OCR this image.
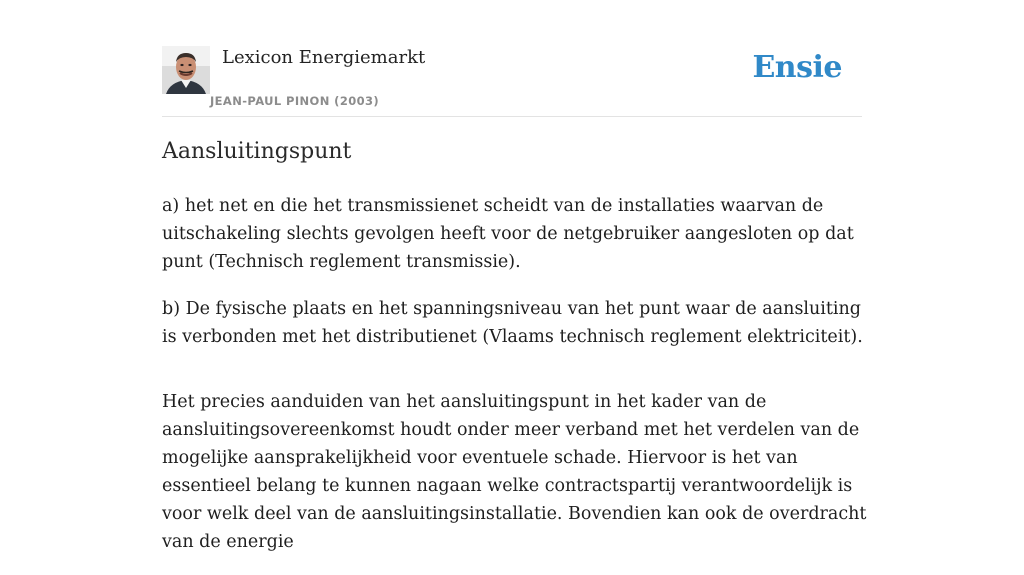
Lexicon Energiemarkt
JEAN-PAUL PINON (2003)
Ensie
Aansluitingspunt

a) het net en die het transmissienet scheidt van de installaties waarvan de uitschakeling slechts gevolgen heeft voor de netgebruiker aangesloten op dat punt (Technisch reglement transmissie).

b) De fysische plaats en het spanningsniveau van het punt waar de aansluiting is verbonden met het distributienet (Vlaams technisch reglement elektriciteit).

Het precies aanduiden van het aansluitingspunt in het kader van de aansluitingsovereenkomst houdt onder meer verband met het verdelen van de mogelijke aansprakelijkheid voor eventuele schade. Hiervoor is het van essentieel belang te kunnen nagaan welke contractspartij verantwoordelijk is voor welk deel van de aansluitingsinstallatie. Bovendien kan ook de overdracht van de energie
